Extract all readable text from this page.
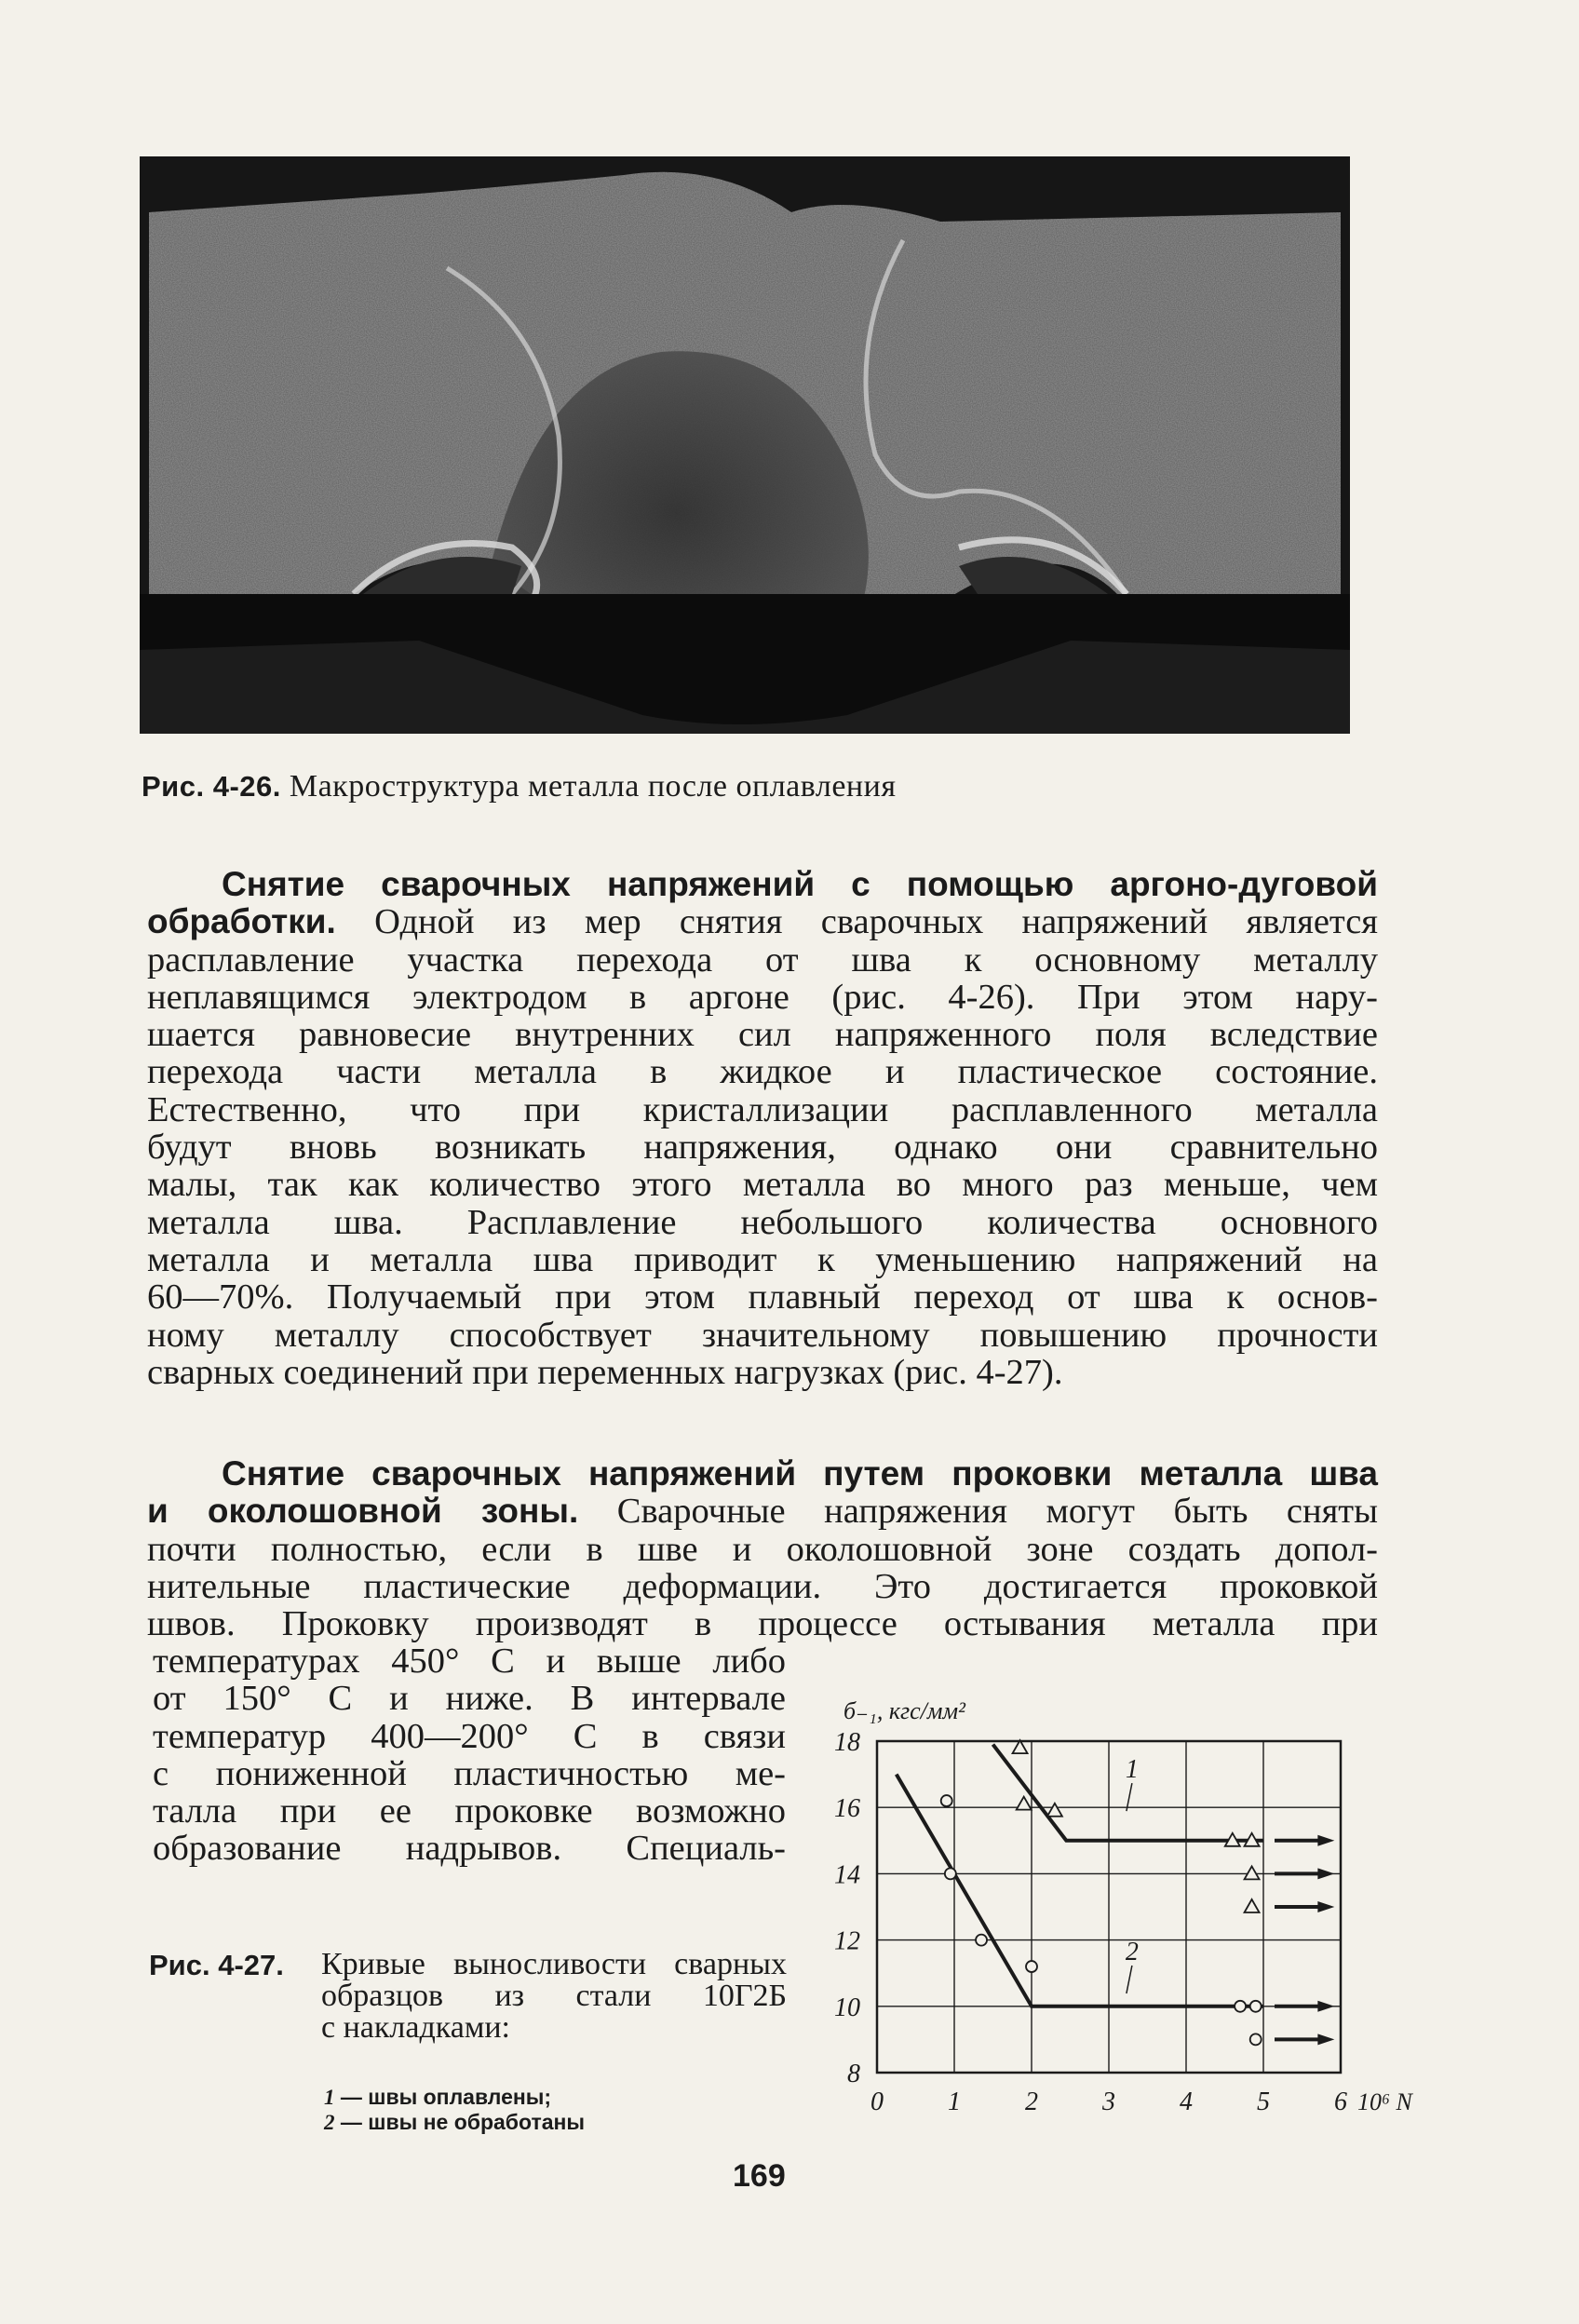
Рис. 4-26. Макроструктура металла после оплавления
Снятие сварочных напряжений с помощью аргоно-дуговой
обработки. Одной из мер снятия сварочных напряжений является
расплавление участка перехода от шва к основному металлу
неплавящимся электродом в аргоне (рис. 4-26). При этом нару-
шается равновесие внутренних сил напряженного поля вследствие
перехода части металла в жидкое и пластическое состояние.
Естественно, что при кристаллизации расплавленного металла
будут вновь возникать напряжения, однако они сравнительно
малы, так как количество этого металла во много раз меньше, чем
металла шва. Расплавление небольшого количества основного
металла и металла шва приводит к уменьшению напряжений на
60—70%. Получаемый при этом плавный переход от шва к основ-
ному металлу способствует значительному повышению прочности
сварных соединений при переменных нагрузках (рис. 4-27).
Снятие сварочных напряжений путем проковки металла шва
и околошовной зоны. Сварочные напряжения могут быть сняты
почти полностью, если в шве и околошовной зоне создать допол-
нительные пластические деформации. Это достигается проковкой
швов. Проковку производят в процессе остывания металла при
температурах 450° С и выше либо
от 150° С и ниже. В интервале
температур 400—200° С в связи
с пониженной пластичностью ме-
талла при ее проковке возможно
образование надрывов. Специаль-
Рис. 4-27. Кривые выносливости сварных
образцов из стали 10Г2Б
с накладками:
1 — швы оплавлены;
2 — швы не обработаны
0 1 2 3 4 5 6
8
10
12
14
16
18
10⁶ N
б₋₁, кгс/мм²
1
2
169
